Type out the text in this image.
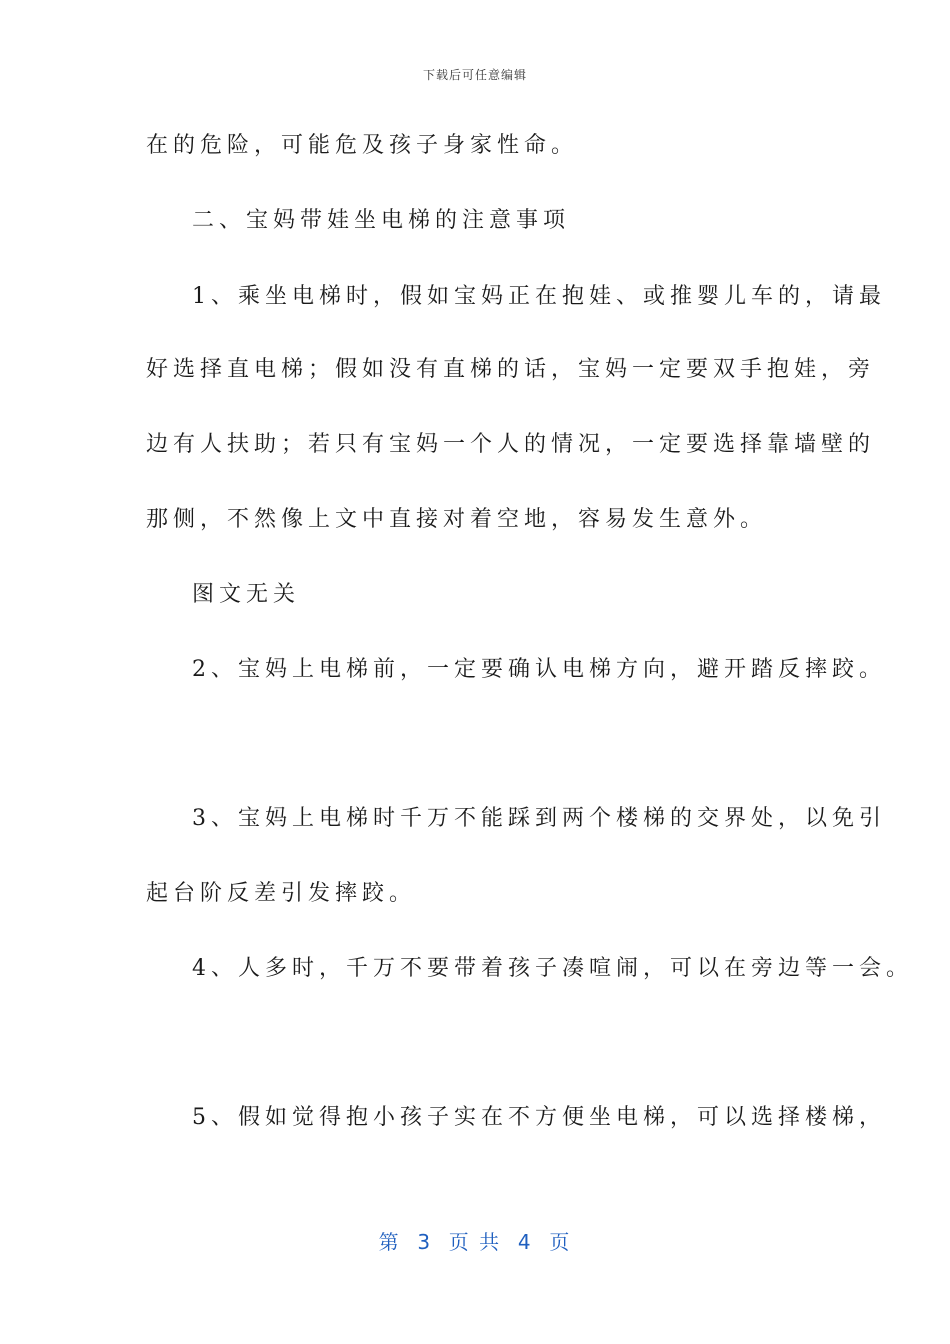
下载后可任意编辑
在的危险，可能危及孩子身家性命。
二、宝妈带娃坐电梯的注意事项
1、乘坐电梯时，假如宝妈正在抱娃、或推婴儿车的，请最
好选择直电梯；假如没有直梯的话，宝妈一定要双手抱娃，旁
边有人扶助；若只有宝妈一个人的情况，一定要选择靠墙壁的
那侧，不然像上文中直接对着空地，容易发生意外。
图文无关
2、宝妈上电梯前，一定要确认电梯方向，避开踏反摔跤。
3、宝妈上电梯时千万不能踩到两个楼梯的交界处，以免引
起台阶反差引发摔跤。
4、人多时，千万不要带着孩子凑喧闹，可以在旁边等一会。
5、假如觉得抱小孩子实在不方便坐电梯，可以选择楼梯，
第  3  页 共  4  页
